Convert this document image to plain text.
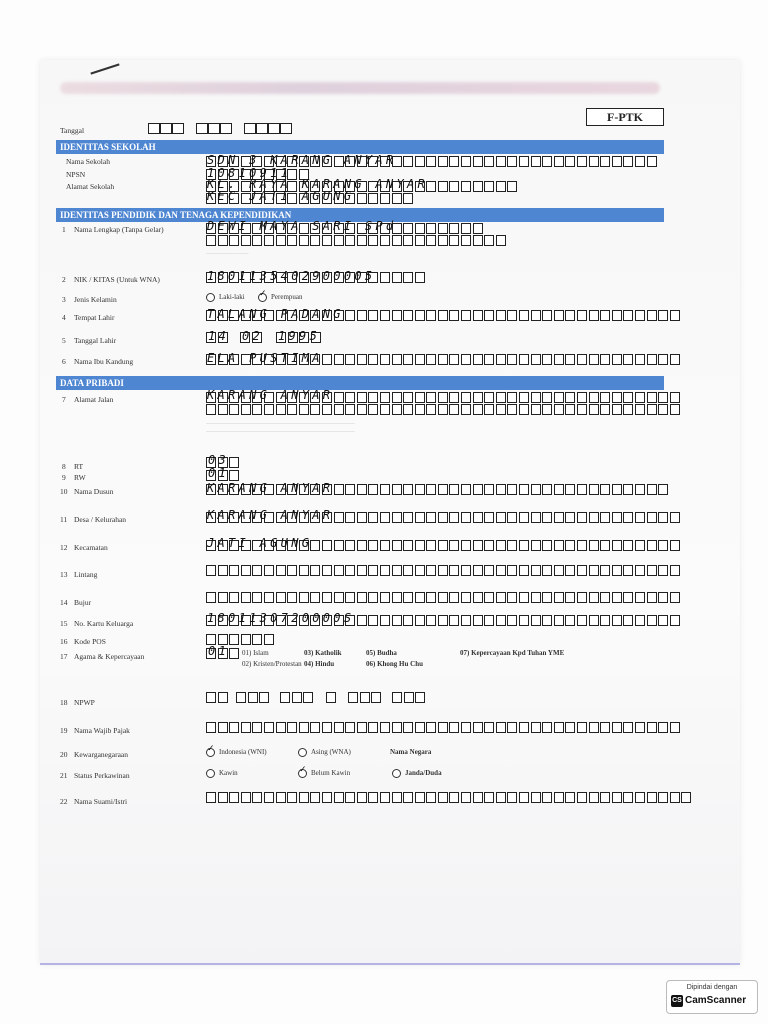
F-PTK
Tanggal
IDENTITAS SEKOLAH
Nama Sekolah	SDN 3 KARANG ANYAR
NPSN	10810911
Alamat Sekolah	KL. RAYA KARANG ANYAR
KEC JATI AGUNG
IDENTITAS PENDIDIK DAN TENAGA KEPENDIDIKAN
1 Nama Lengkap (Tanpa Gelar)	DEWI MAYA SARI SPd
────────────
2 NIK / KITAS (Untuk WNA)	1801135402900005
3 Jenis Kelamin	Laki-laki ✓	Perempuan
4 Tempat Lahir	TALANG PADANG
5 Tanggal Lahir	14 02 1995
6 Nama Ibu Kandung	ELA PUSTIMA
DATA PRIBADI
7 Alamat Jalan	KARANG ANYAR
──────────────────────────────────────────
──────────────────────────────────────────
8 RT	03
9 RW	01
10 Nama Dusun	KARANG ANYAR
11 Desa / Kelurahan	KARANG ANYAR
12 Kecamatan	JATI AGUNG
13 Lintang
14 Bujur
15 No. Kartu Keluarga	1801130720000S
16 Kode POS
17 Agama & Kepercayaan	01 01) Islam
02) Kristen/Protestan
03) Katholik
04) Hindu
05) Budha
06) Khong Hu Chu
07) Kepercayaan Kpd Tuhan YME
18 NPWP
19 Nama Wajib Pajak
20 Kewarganegaraan ✓	Indonesia (WNI)	Asing (WNA)	Nama Negara
21 Status Perkawinan	Kawin ✓	Belum Kawin	Janda/Duda
22 Nama Suami/Istri
Dipindai dengan
CS CamScanner
